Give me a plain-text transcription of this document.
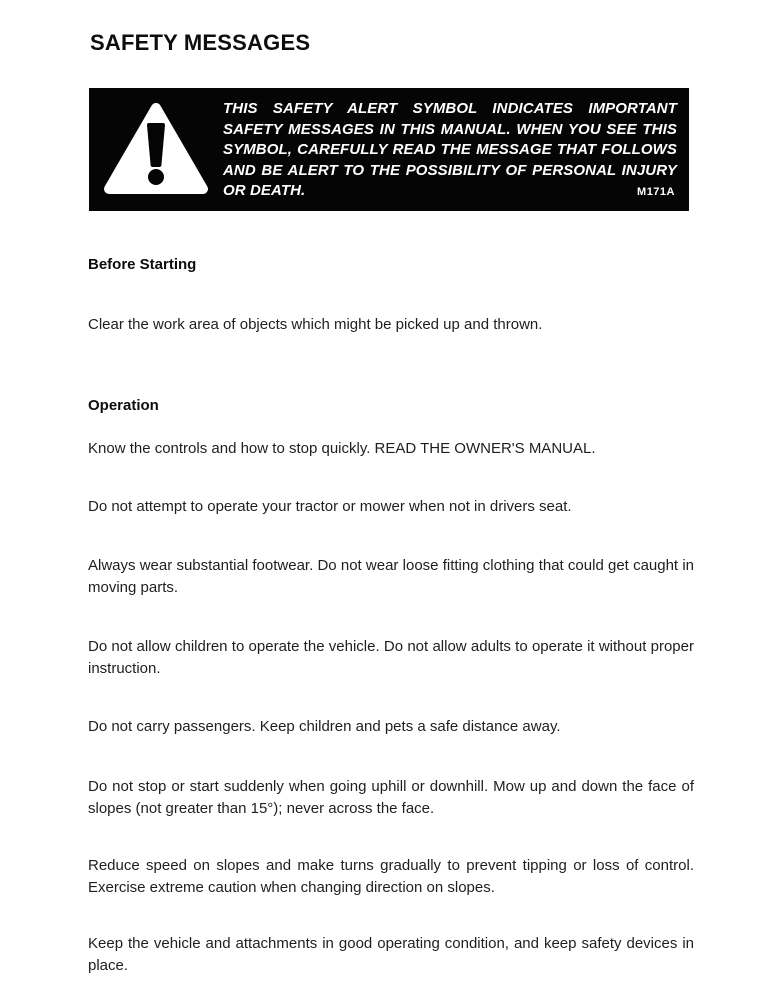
SAFETY MESSAGES

THIS SAFETY ALERT SYMBOL INDICATES IMPORTANT SAFETY MESSAGES IN THIS MANUAL. WHEN YOU SEE THIS SYMBOL, CAREFULLY READ THE MESSAGE THAT FOLLOWS AND BE ALERT TO THE POSSIBILITY OF PERSONAL INJURY OR DEATH.	M171A
Before Starting

Clear the work area of objects which might be picked up and thrown.

Operation

Know the controls and how to stop quickly. READ THE OWNER'S MANUAL.

Do not attempt to operate your tractor or mower when not in drivers seat.

Always wear substantial footwear. Do not wear loose fitting clothing that could get caught in moving parts.

Do not allow children to operate the vehicle. Do not allow adults to operate it without proper instruction.

Do not carry passengers. Keep children and pets a safe distance away.

Do not stop or start suddenly when going uphill or downhill. Mow up and down the face of slopes (not greater than 15°); never across the face.

Reduce speed on slopes and make turns gradually to prevent tipping or loss of control. Exercise extreme caution when changing direction on slopes.

Keep the vehicle and attachments in good operating condition, and keep safety devices in place.
